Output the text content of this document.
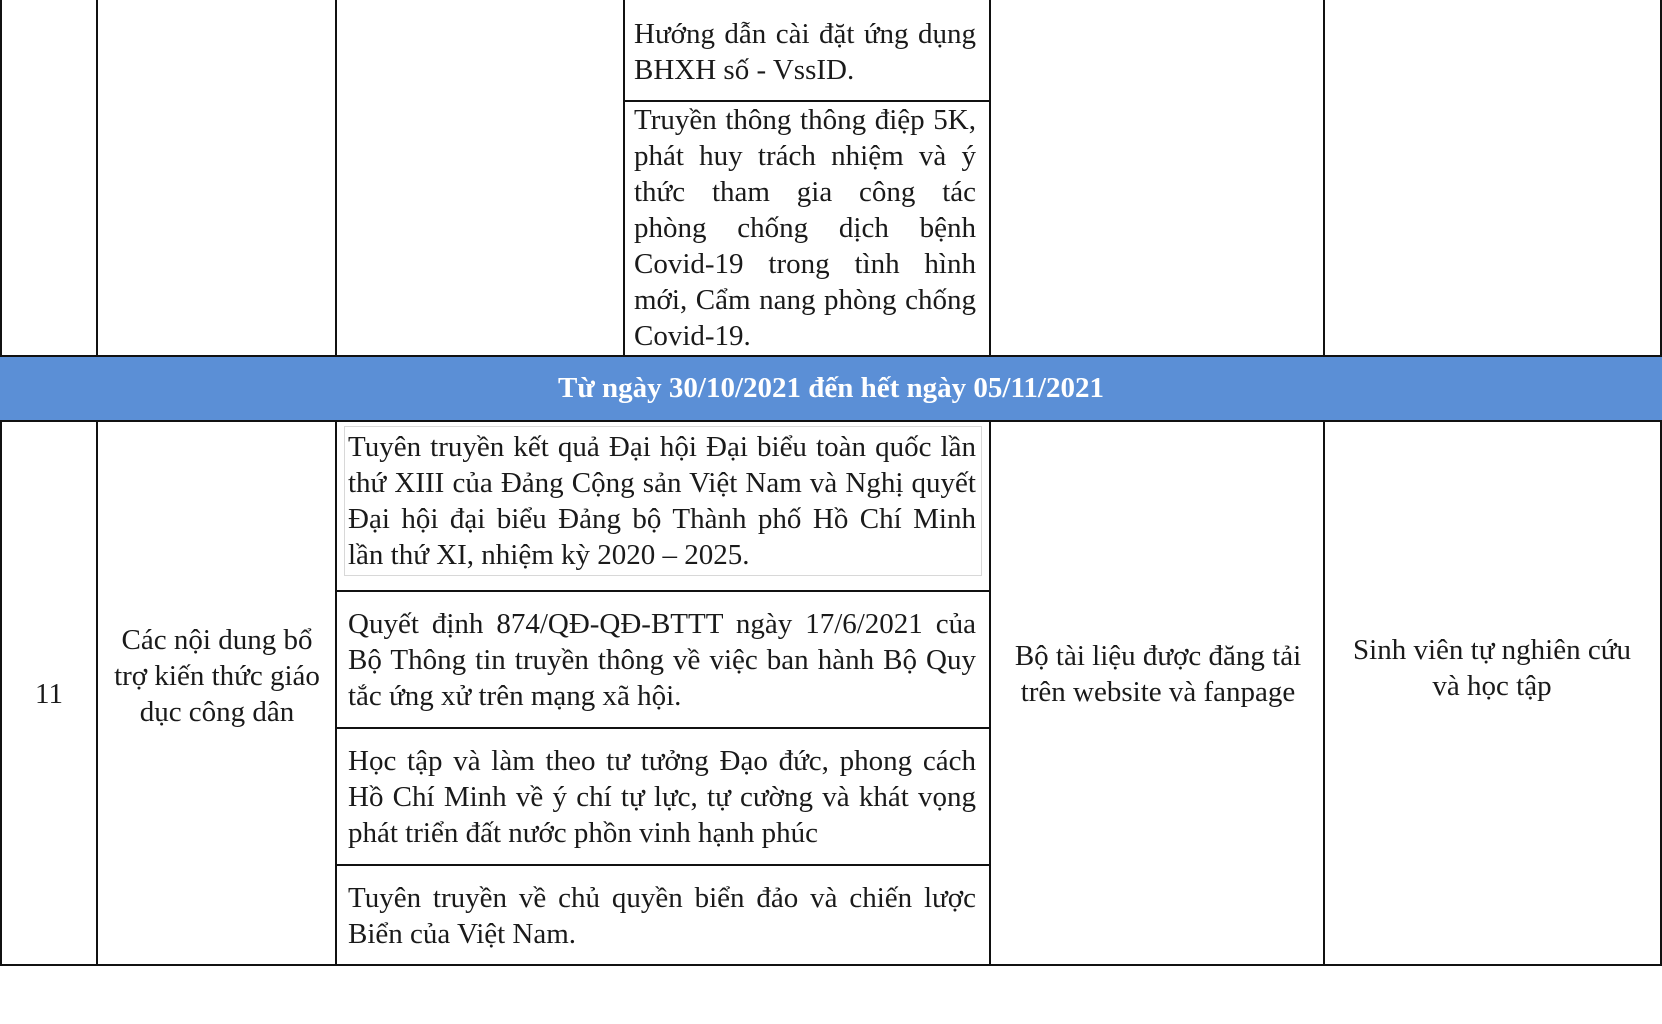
Từ ngày 30/10/2021 đến hết ngày 05/11/2021
Hướng dẫn cài đặt ứng dụng BHXH số - VssID.
Truyền thông thông điệp 5K, phát huy trách nhiệm và ý thức tham gia công tác phòng chống dịch bệnh Covid-19 trong tình hình mới, Cẩm nang phòng chống Covid-19.
11
Các nội dung bổ trợ kiến thức giáo dục công dân
Tuyên truyền kết quả Đại hội Đại biểu toàn quốc lần thứ XIII của Đảng Cộng sản Việt Nam và Nghị quyết Đại hội đại biểu Đảng bộ Thành phố Hồ Chí Minh lần thứ XI, nhiệm kỳ 2020 – 2025.
Quyết định 874/QĐ-QĐ-BTTT ngày 17/6/2021 của Bộ Thông tin truyền thông về việc ban hành Bộ Quy tắc ứng xử trên mạng xã hội.
Học tập và làm theo tư tưởng Đạo đức, phong cách Hồ Chí Minh về ý chí tự lực, tự cường và khát vọng phát triển đất nước phồn vinh hạnh phúc
Tuyên truyền về chủ quyền biển đảo và chiến lược Biển của Việt Nam.
Bộ tài liệu được đăng tải trên website và fanpage
Sinh viên tự nghiên cứu và học tập
